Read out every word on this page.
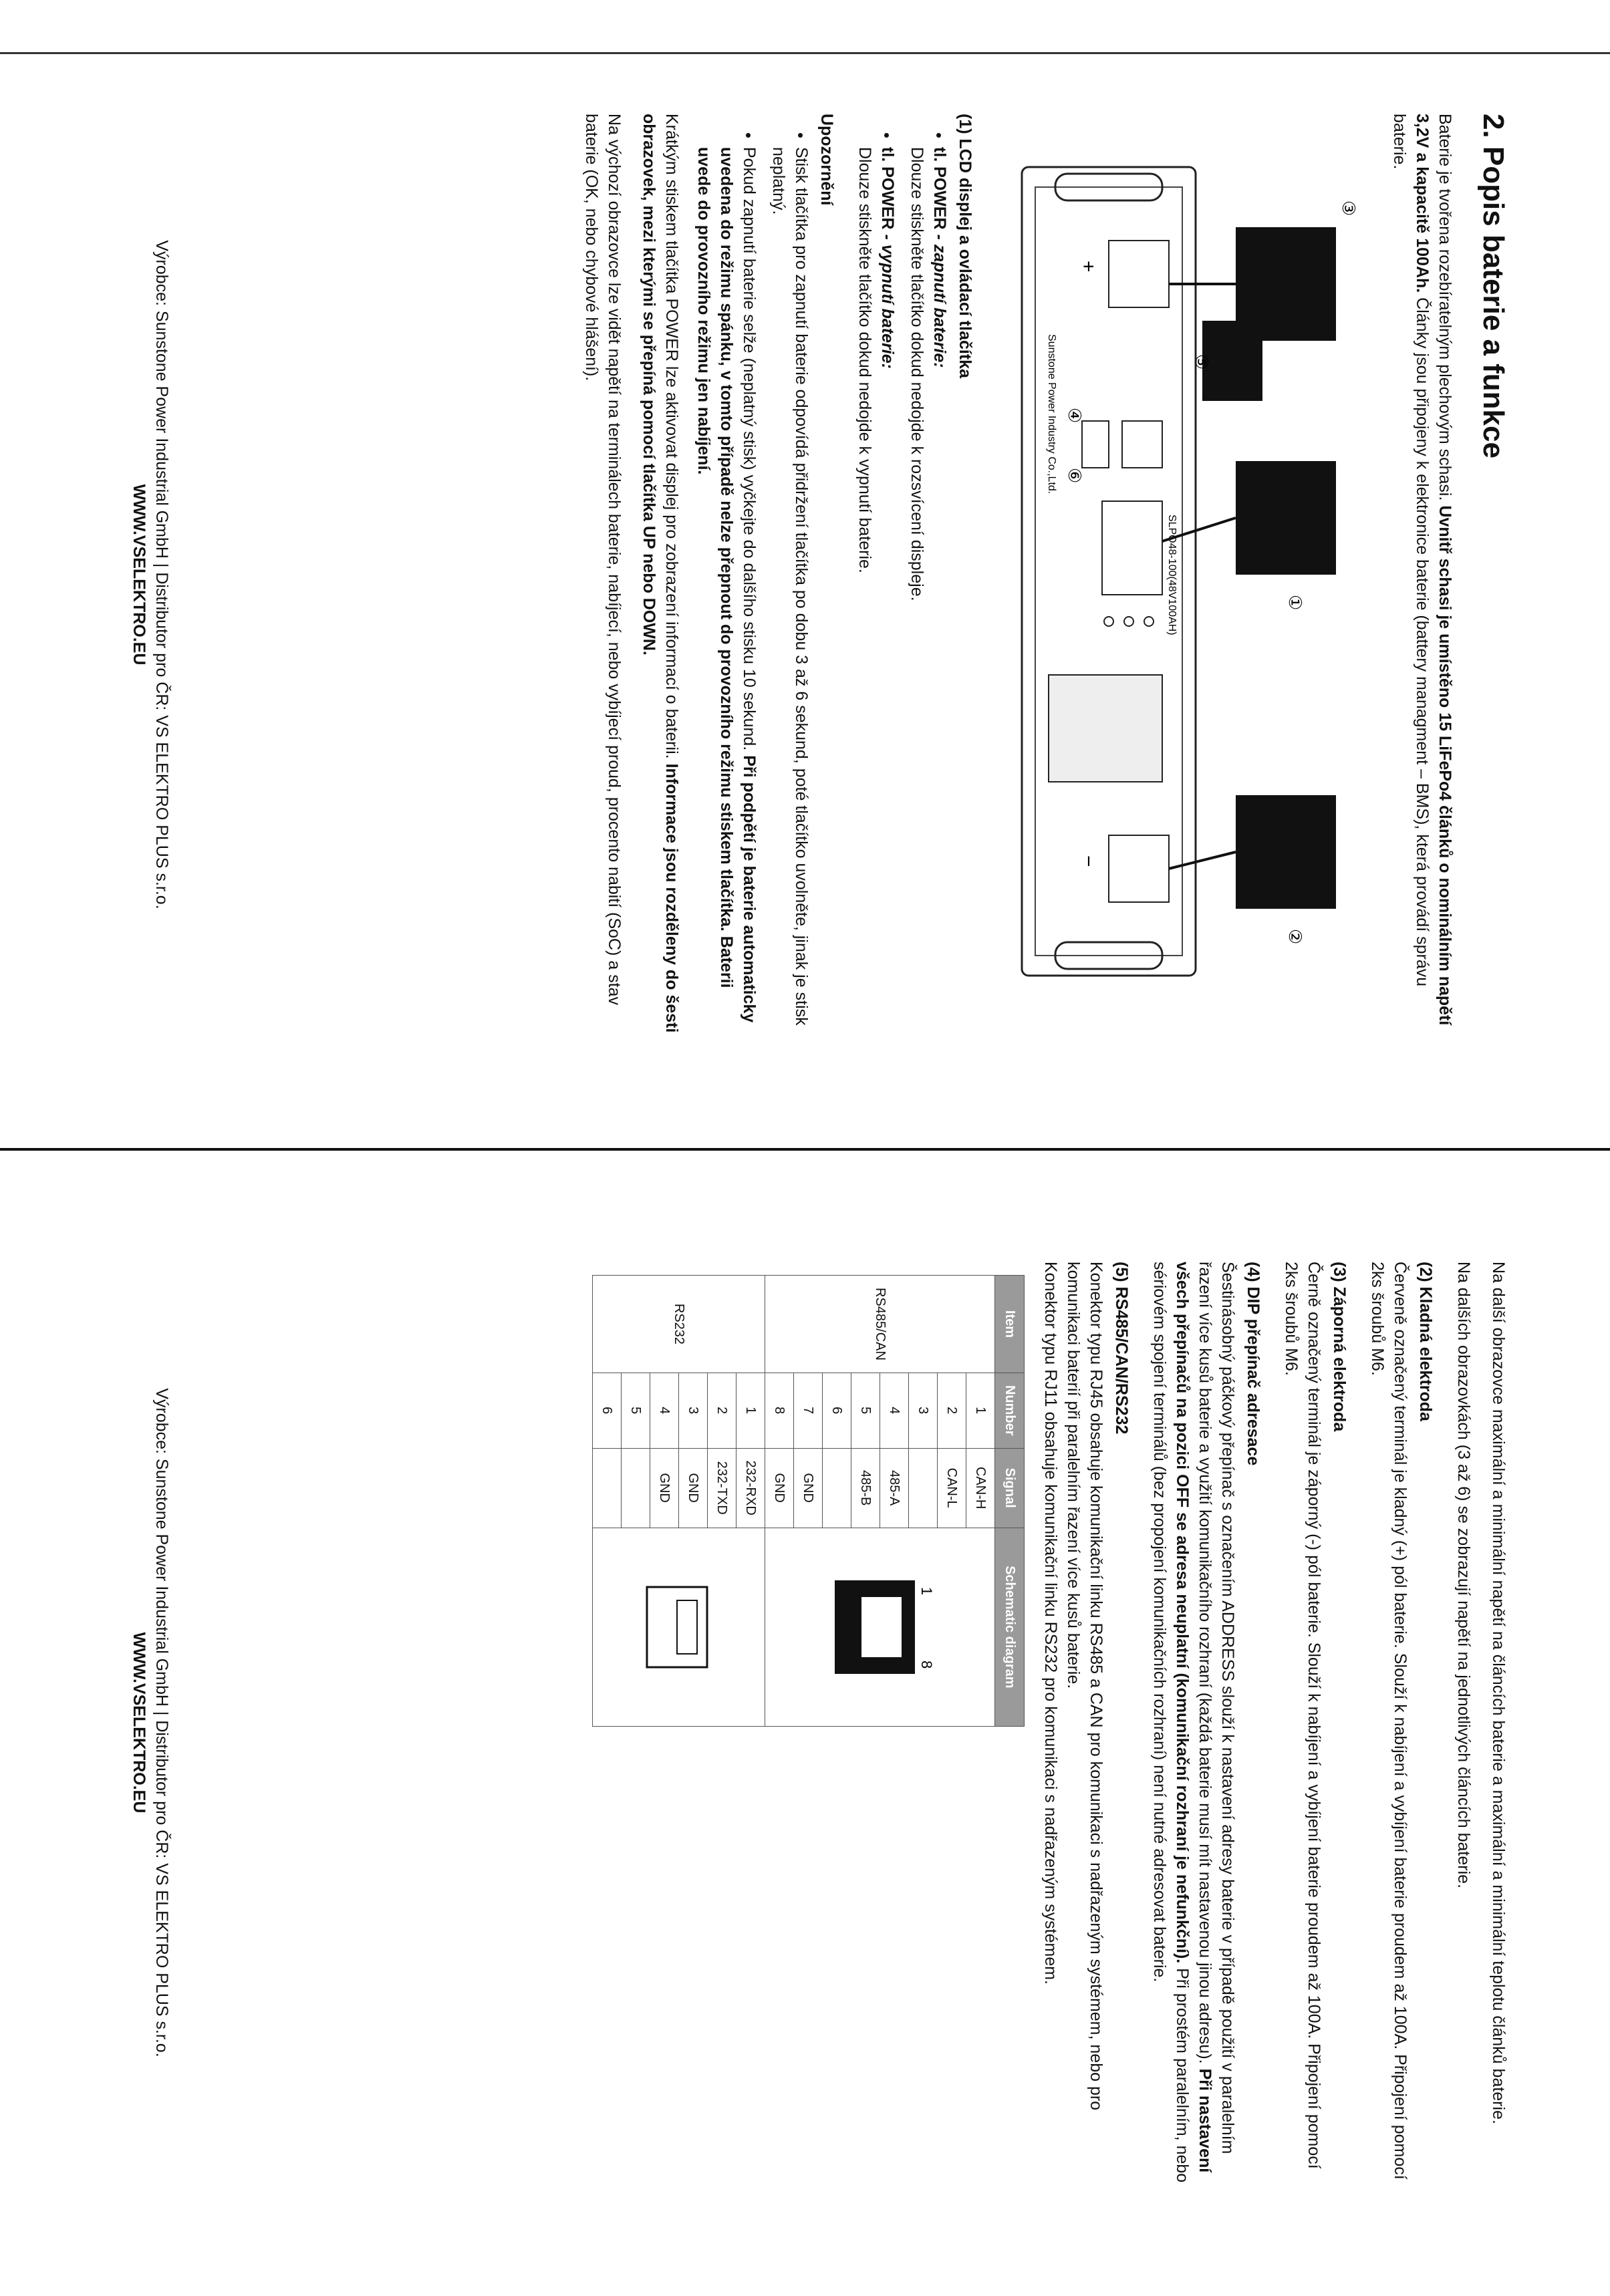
2. Popis baterie a funkce

Baterie je tvořena rozebíratelným plechovým schasi. Uvnitř schasi je umístěno 15 LiFePo4 článků o nominálním napětí 3,2V a kapacitě 100Ah. Články jsou připojeny k elektronice baterie (battery managment – BMS), která provádí správu baterie.

+
−
Sunstone Power Industry Co.,Ltd.
SLPO48-100(48V100AH)
③
①
②
⑥
⑤
④
(1) LCD displej a ovládací tlačítka
• tl. POWER - zapnutí baterie:
Dlouze stiskněte tlačítko dokud nedojde k rozsvícení displeje.
• tl. POWER - vypnutí baterie:
Dlouze stiskněte tlačítko dokud nedojde k vypnutí baterie.
Upozornění
• Stisk tlačítka pro zapnutí baterie odpovídá přidržení tlačítka po dobu 3 až 6 sekund, poté tlačítko uvolněte, jinak je stisk neplatný.
• Pokud zapnutí baterie selže (neplatný stisk) vyčkejte do dalšího stisku 10 sekund. Při podpětí je baterie automaticky uvedena do režimu spánku, v tomto případě nelze přepnout do provozního režimu stiskem tlačítka. Baterii uvede do provozního režimu jen nabíjení.

Krátkým stiskem tlačítka POWER lze aktivovat displej pro zobrazení informací o baterii. Informace jsou rozděleny do šesti obrazovek, mezi kterými se přepíná pomocí tlačítka UP nebo DOWN.

Na výchozí obrazovce lze vidět napětí na terminálech baterie, nabíjecí, nebo vybíjecí proud, procento nabití (SoC) a stav baterie (OK, nebo chybové hlášení).

Výrobce: Sunstone Power Industrial GmbH | Distributor pro ČR: VS ELEKTRO PLUS s.r.o.
WWW.VSELEKTRO.EU

Na další obrazovce maximální a minimální napětí na článcích baterie a maximální a minimální teplotu článků baterie.

Na dalších obrazovkách (3 až 6) se zobrazují napětí na jednotlivých článcích baterie.

(2) Kladná elektroda

Červeně označený terminál je kladný (+) pól baterie. Slouží k nabíjení a vybíjení baterie proudem až 100A. Připojení pomocí 2ks šroubů M6.

(3) Záporná elektroda

Černě označený terminál je záporný (-) pól baterie. Slouží k nabíjení a vybíjení baterie proudem až 100A. Připojení pomocí 2ks šroubů M6.

(4) DIP přepínač adresace

Šestinásobný páčkový přepínač s označením ADDRESS slouží k nastavení adresy baterie v případě použití v paralelním řazení více kusů baterie a využití komunikačního rozhraní (každá baterie musí mít nastavenou jinou adresu). Při nastavení všech přepínačů na pozici OFF se adresa neuplatní (komunikační rozhraní je nefunkční). Při prostém paralelním, nebo sériovém spojení terminálů (bez propojení komunikačních rozhraní) není nutné adresovat baterie.

(5) RS485/CAN/RS232

Konektor typu RJ45 obsahuje komunikační linku RS485 a CAN pro komunikaci s nadřazeným systémem, nebo pro komunikaci baterií při paralelním řazení více kusů baterie.
Konektor typu RJ11 obsahuje komunikační linku RS232 pro komunikaci s nadřazeným systémem.

Item	Number	Signal	Schematic diagram
RS485/CAN	1	CAN-H	1
8

	2	CAN-L	
	3		
	4	485-A	
	5	485-B	
	6		
	7	GND	
	8	GND	
RS232	1	232-RXD	
	2	232-TXD	
	3	GND	
	4	GND	
	5		
	6		
Výrobce: Sunstone Power Industrial GmbH | Distributor pro ČR: VS ELEKTRO PLUS s.r.o.
WWW.VSELEKTRO.EU
